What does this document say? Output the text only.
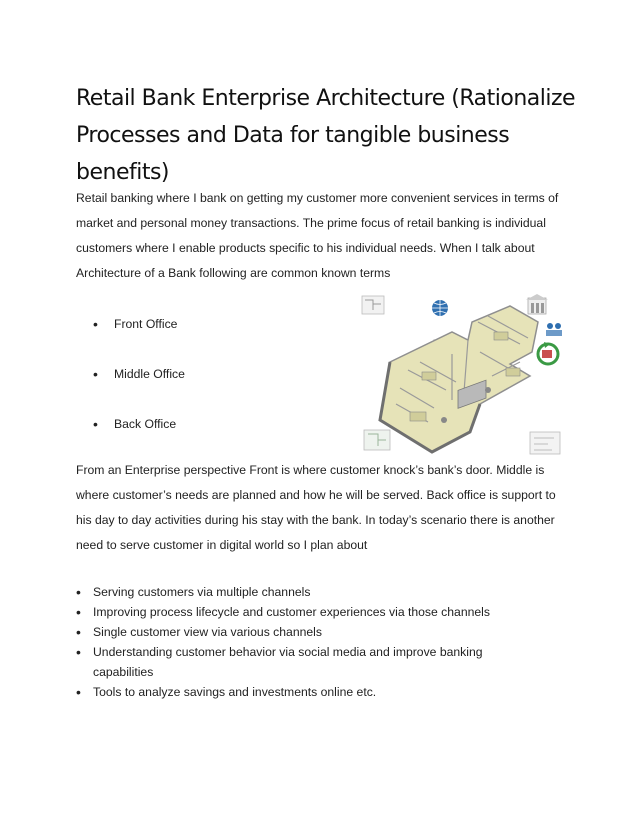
Retail Bank Enterprise Architecture (Rationalize Processes and Data for tangible business benefits)

Retail banking where I bank on getting my customer more convenient services in terms of market and personal money transactions. The prime focus of retail banking is individual customers where I enable products specific to his individual needs. When I talk about Architecture of a Bank following are common known terms

• Front Office
• Middle Office
• Back Office

From an Enterprise perspective Front is where customer knock’s bank’s door. Middle is where customer’s needs are planned and how he will be served. Back office is support to his day to day activities during his stay with the bank. In today’s scenario there is another need to serve customer in digital world so I plan about

• Serving customers via multiple channels
• Improving process lifecycle and customer experiences via those channels
• Single customer view via various channels
• Understanding customer behavior via social media and improve banking capabilities
• Tools to analyze savings and investments online etc.
